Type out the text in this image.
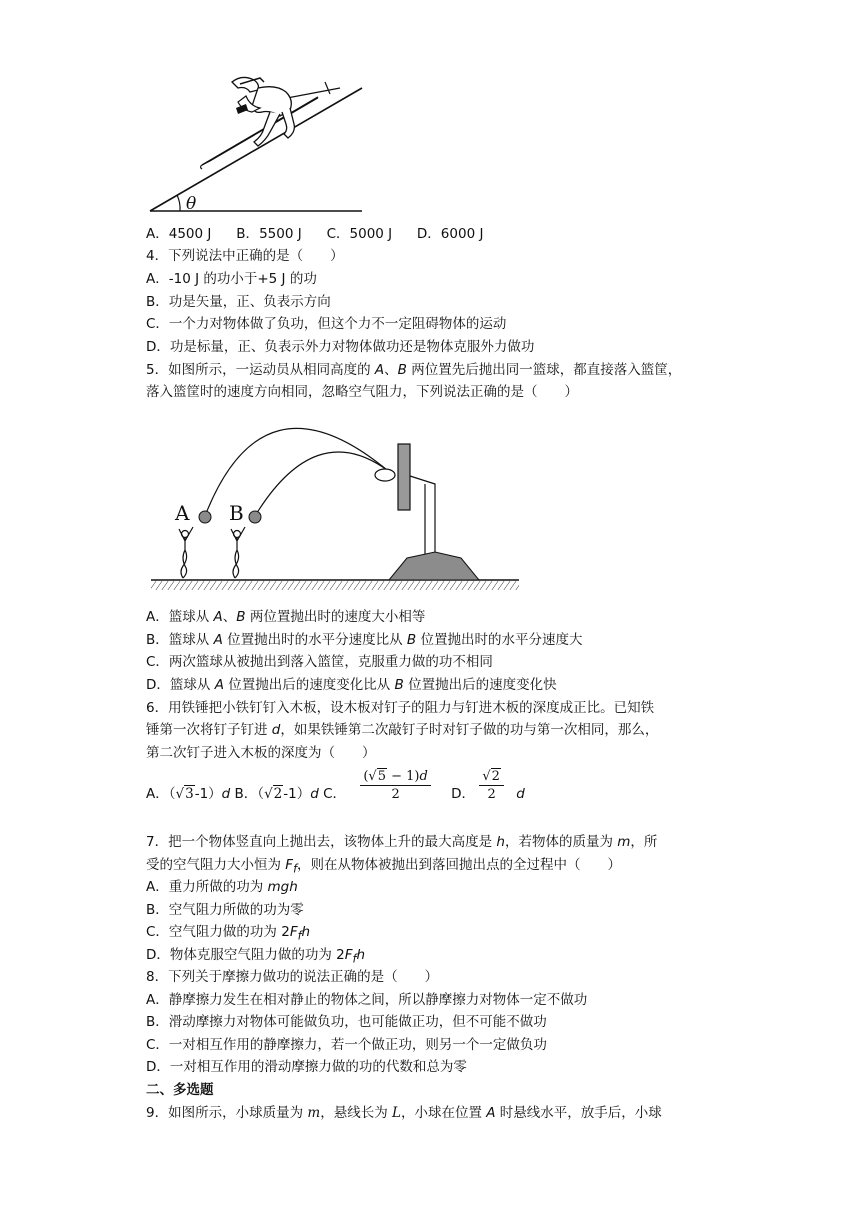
θ
A．4500 J B．5500 J C．5000 J D．6000 J
4．下列说法中正确的是（　　）
A．-10 J 的功小于+5 J 的功
B．功是矢量，正、负表示方向
C．一个力对物体做了负功，但这个力不一定阻碍物体的运动
D．功是标量，正、负表示外力对物体做功还是物体克服外力做功
5．如图所示，一运动员从相同高度的 A、B 两位置先后抛出同一篮球，都直接落入篮筐，
落入篮筐时的速度方向相同，忽略空气阻力，下列说法正确的是（　　）
A B
A．篮球从 A、B 两位置抛出时的速度大小相等
B．篮球从 A 位置抛出时的水平分速度比从 B 位置抛出时的水平分速度大
C．两次篮球从被抛出到落入篮筐，克服重力做的功不相同
D．篮球从 A 位置抛出后的速度变化比从 B 位置抛出后的速度变化快
6．用铁锤把小铁钉钉入木板，设木板对钉子的阻力与钉进木板的深度成正比。已知铁
锤第一次将钉子钉进 d，如果铁锤第二次敲钉子时对钉子做的功与第一次相同，那么，
第二次钉子进入木板的深度为（　　）
A．（√3-1）d B．（√2-1）d C． $\frac{(√5 - 1)d}{2}$ D． $\frac{√2}{2}$ d
7．把一个物体竖直向上抛出去，该物体上升的最大高度是 h，若物体的质量为 m，所
受的空气阻力大小恒为 $F_f$，则在从物体被抛出到落回抛出点的全过程中（　　）
A．重力所做的功为 mgh
B．空气阻力所做的功为零
C．空气阻力做的功为 $2F_fh$
D．物体克服空气阻力做的功为 $2F_fh$
8．下列关于摩擦力做功的说法正确的是（　　）
A．静摩擦力发生在相对静止的物体之间，所以静摩擦力对物体一定不做功
B．滑动摩擦力对物体可能做负功，也可能做正功，但不可能不做功
C．一对相互作用的静摩擦力，若一个做正功，则另一个一定做负功
D．一对相互作用的滑动摩擦力做的功的代数和总为零
二、多选题
9．如图所示，小球质量为 m，悬线长为 L，小球在位置 A 时悬线水平，放手后，小球
